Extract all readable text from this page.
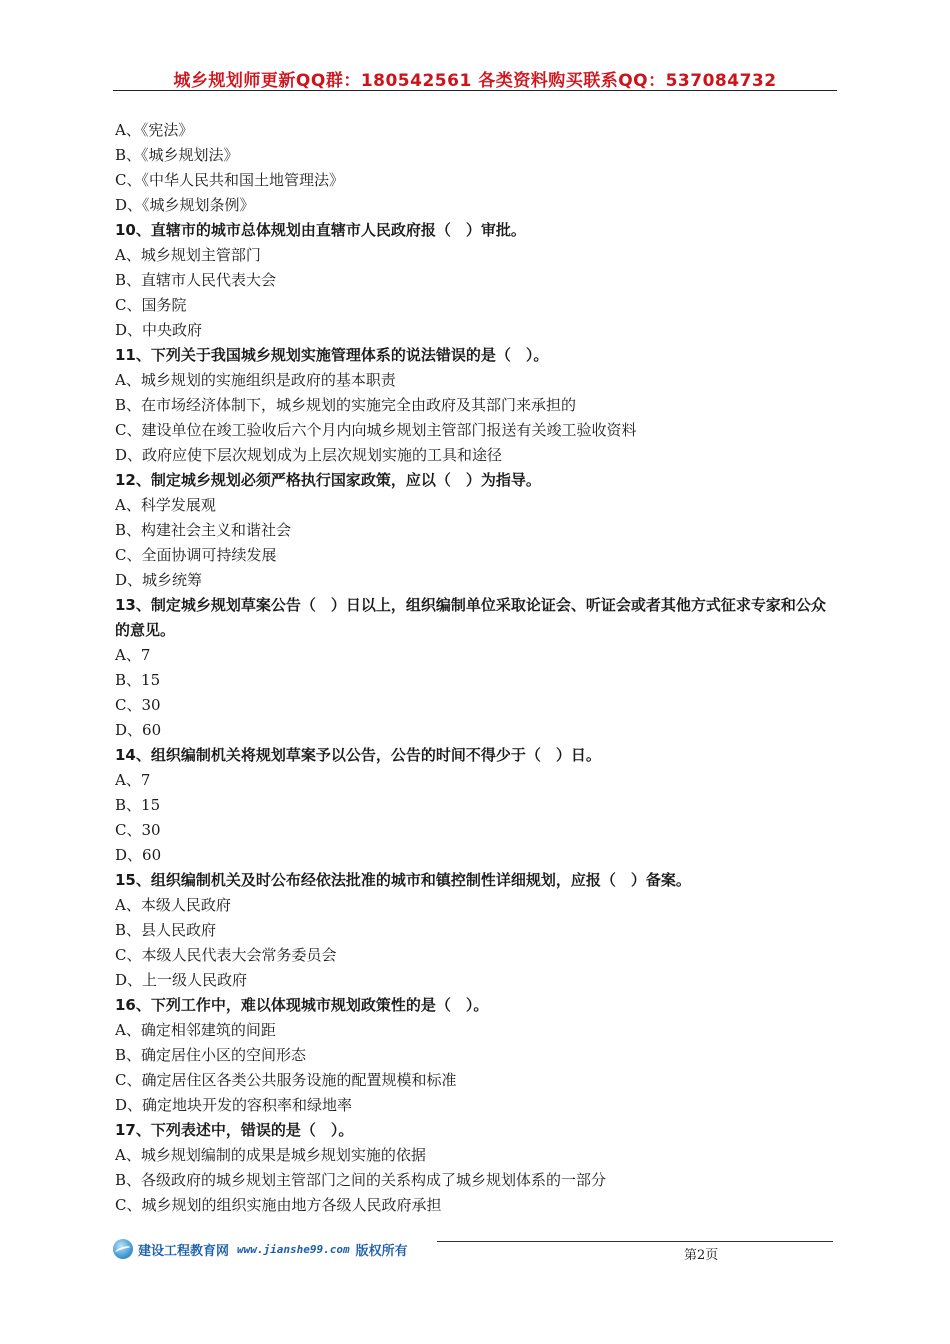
城乡规划师更新QQ群：180542561 各类资料购买联系QQ：537084732
A、《宪法》
B、《城乡规划法》
C、《中华人民共和国土地管理法》
D、《城乡规划条例》
10、直辖市的城市总体规划由直辖市人民政府报（　）审批。
A、城乡规划主管部门
B、直辖市人民代表大会
C、国务院
D、中央政府
11、下列关于我国城乡规划实施管理体系的说法错误的是（　）。
A、城乡规划的实施组织是政府的基本职责
B、在市场经济体制下，城乡规划的实施完全由政府及其部门来承担的
C、建设单位在竣工验收后六个月内向城乡规划主管部门报送有关竣工验收资料
D、政府应使下层次规划成为上层次规划实施的工具和途径
12、制定城乡规划必须严格执行国家政策，应以（　）为指导。
A、科学发展观
B、构建社会主义和谐社会
C、全面协调可持续发展
D、城乡统筹
13、制定城乡规划草案公告（　）日以上，组织编制单位采取论证会、听证会或者其他方式征求专家和公众的意见。
A、7
B、15
C、30
D、60
14、组织编制机关将规划草案予以公告，公告的时间不得少于（　）日。
A、7
B、15
C、30
D、60
15、组织编制机关及时公布经依法批准的城市和镇控制性详细规划，应报（　）备案。
A、本级人民政府
B、县人民政府
C、本级人民代表大会常务委员会
D、上一级人民政府
16、下列工作中，难以体现城市规划政策性的是（　）。
A、确定相邻建筑的间距
B、确定居住小区的空间形态
C、确定居住区各类公共服务设施的配置规模和标准
D、确定地块开发的容积率和绿地率
17、下列表述中，错误的是（　）。
A、城乡规划编制的成果是城乡规划实施的依据
B、各级政府的城乡规划主管部门之间的关系构成了城乡规划体系的一部分
C、城乡规划的组织实施由地方各级人民政府承担
建设工程教育网 www.jianshe99.com 版权所有	第2页
